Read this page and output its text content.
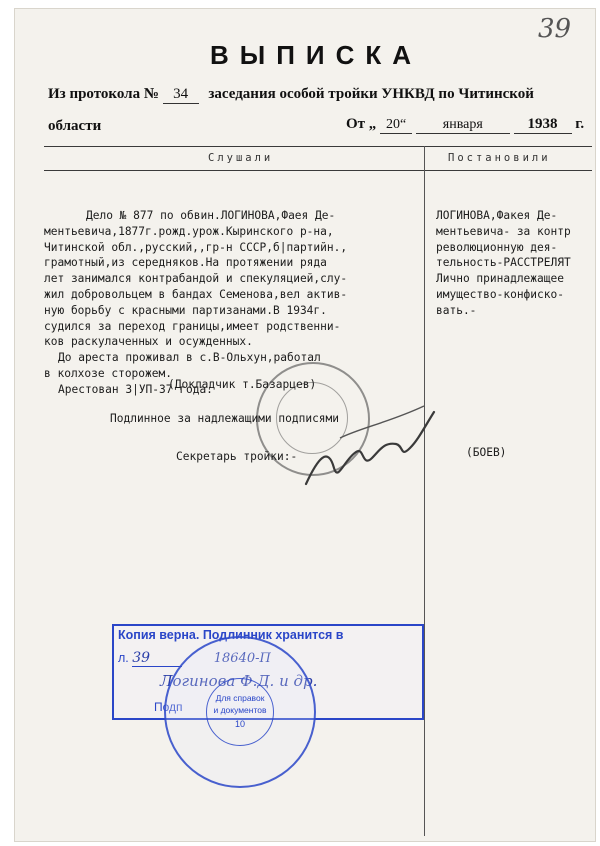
39
ВЫПИСКА
Из протокола № 34 заседания особой тройки УНКВД по Читинской
области	От „ 20“	января	1938 г.
Слушали	Постановили
Дело № 877 по обвин.ЛОГИНОВА,Фаея Де-
ментьевича,1877г.рожд.урож.Кыринского р-на,
Читинской обл.,русский,,гр-н СССР,б|партийн.,
грамотный,из середняков.На протяжении ряда
лет занимался контрабандой и спекуляцией,слу-
жил добровольцем в бандах Семенова,вел актив-
ную борьбу с красными партизанами.В 1934г.
судился за переход границы,имеет родственни-
ков раскулаченных и осужденных.
До ареста проживал в с.В-Ольхун,работал
в колхозе сторожем.
Арестован 3|УП-37 года.
ЛОГИНОВА,Факея Де-
ментьевича- за контр
революционную дея-
тельность-РАССТРЕЛЯТ
Лично принадлежащее
имущество-конфиско-
вать.-
(Докладчик т.Базарцев)
Подлинное за надлежащими подписями
Секретарь тройки:-	(БОЕВ)
Копия верна. Подлинник хранится в
л. 39	18640-П
Логинова Ф.Д. и др.
Подп
Для справок
и документов
10
